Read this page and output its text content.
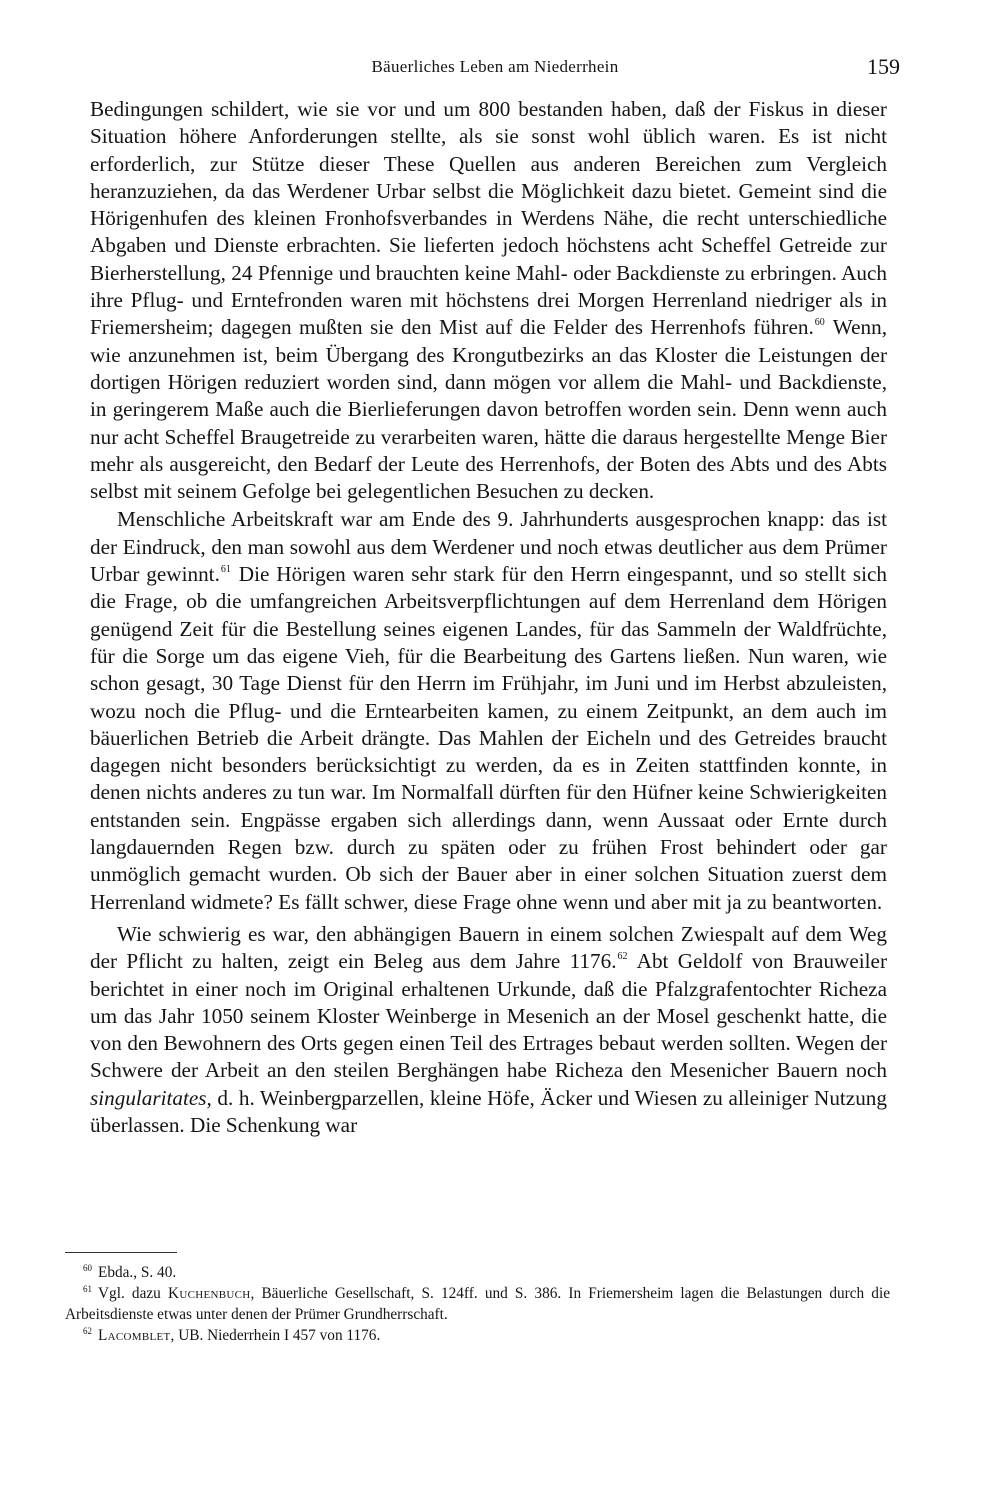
Bäuerliches Leben am Niederrhein	159

Bedingungen schildert, wie sie vor und um 800 bestanden haben, daß der Fiskus in dieser Situation höhere Anforderungen stellte, als sie sonst wohl üblich waren. Es ist nicht erforderlich, zur Stütze dieser These Quellen aus anderen Bereichen zum Vergleich heranzuziehen, da das Werdener Urbar selbst die Möglichkeit dazu bietet. Gemeint sind die Hörigenhufen des kleinen Fronhofsverbandes in Werdens Nähe, die recht unterschiedliche Abgaben und Dienste erbrachten. Sie lieferten jedoch höchstens acht Scheffel Getreide zur Bierherstellung, 24 Pfennige und brauchten keine Mahl- oder Backdienste zu erbringen. Auch ihre Pflug- und Erntefronden waren mit höchstens drei Morgen Herrenland niedriger als in Friemersheim; dagegen mußten sie den Mist auf die Felder des Herrenhofs führen.$^{60}$ Wenn, wie anzunehmen ist, beim Übergang des Krongutbezirks an das Kloster die Leistungen der dortigen Hörigen reduziert worden sind, dann mögen vor allem die Mahl- und Backdienste, in geringerem Maße auch die Bierlieferungen davon betroffen worden sein. Denn wenn auch nur acht Scheffel Braugetreide zu verarbeiten waren, hätte die daraus hergestellte Menge Bier mehr als ausgereicht, den Bedarf der Leute des Herrenhofs, der Boten des Abts und des Abts selbst mit seinem Gefolge bei gelegentlichen Besuchen zu decken.

Menschliche Arbeitskraft war am Ende des 9. Jahrhunderts ausgesprochen knapp: das ist der Eindruck, den man sowohl aus dem Werdener und noch etwas deutlicher aus dem Prümer Urbar gewinnt.$^{61}$ Die Hörigen waren sehr stark für den Herrn eingespannt, und so stellt sich die Frage, ob die umfangreichen Arbeitsverpflichtungen auf dem Herrenland dem Hörigen genügend Zeit für die Bestellung seines eigenen Landes, für das Sammeln der Waldfrüchte, für die Sorge um das eigene Vieh, für die Bearbeitung des Gartens ließen. Nun waren, wie schon gesagt, 30 Tage Dienst für den Herrn im Frühjahr, im Juni und im Herbst abzuleisten, wozu noch die Pflug- und die Erntearbeiten kamen, zu einem Zeitpunkt, an dem auch im bäuerlichen Betrieb die Arbeit drängte. Das Mahlen der Eicheln und des Getreides braucht dagegen nicht besonders berücksichtigt zu werden, da es in Zeiten stattfinden konnte, in denen nichts anderes zu tun war. Im Normalfall dürften für den Hüfner keine Schwierigkeiten entstanden sein. Engpässe ergaben sich allerdings dann, wenn Aussaat oder Ernte durch langdauernden Regen bzw. durch zu späten oder zu frühen Frost behindert oder gar unmöglich gemacht wurden. Ob sich der Bauer aber in einer solchen Situation zuerst dem Herrenland widmete? Es fällt schwer, diese Frage ohne wenn und aber mit ja zu beantworten.

Wie schwierig es war, den abhängigen Bauern in einem solchen Zwiespalt auf dem Weg der Pflicht zu halten, zeigt ein Beleg aus dem Jahre 1176.62 Abt Geldolf von Brauweiler berichtet in einer noch im Original erhaltenen Urkunde, daß die Pfalzgrafentochter Richeza um das Jahr 1050 seinem Kloster Weinberge in Mesenich an der Mosel geschenkt hatte, die von den Bewohnern des Orts gegen einen Teil des Ertrages bebaut werden sollten. Wegen der Schwere der Arbeit an den steilen Berghängen habe Richeza den Mesenicher Bauern noch singularitates, d. h. Weinbergparzellen, kleine Höfe, Äcker und Wiesen zu alleiniger Nutzung überlassen. Die Schenkung war

$^{60}$ Ebda., S. 40.

$^{61}$ Vgl. dazu Kuchenbuch, Bäuerliche Gesellschaft, S. 124ff. und S. 386. In Friemersheim lagen die Belastungen durch die Arbeitsdienste etwas unter denen der Prümer Grundherrschaft.

$^{62}$ Lacomblet, UB. Niederrhein I 457 von 1176.
